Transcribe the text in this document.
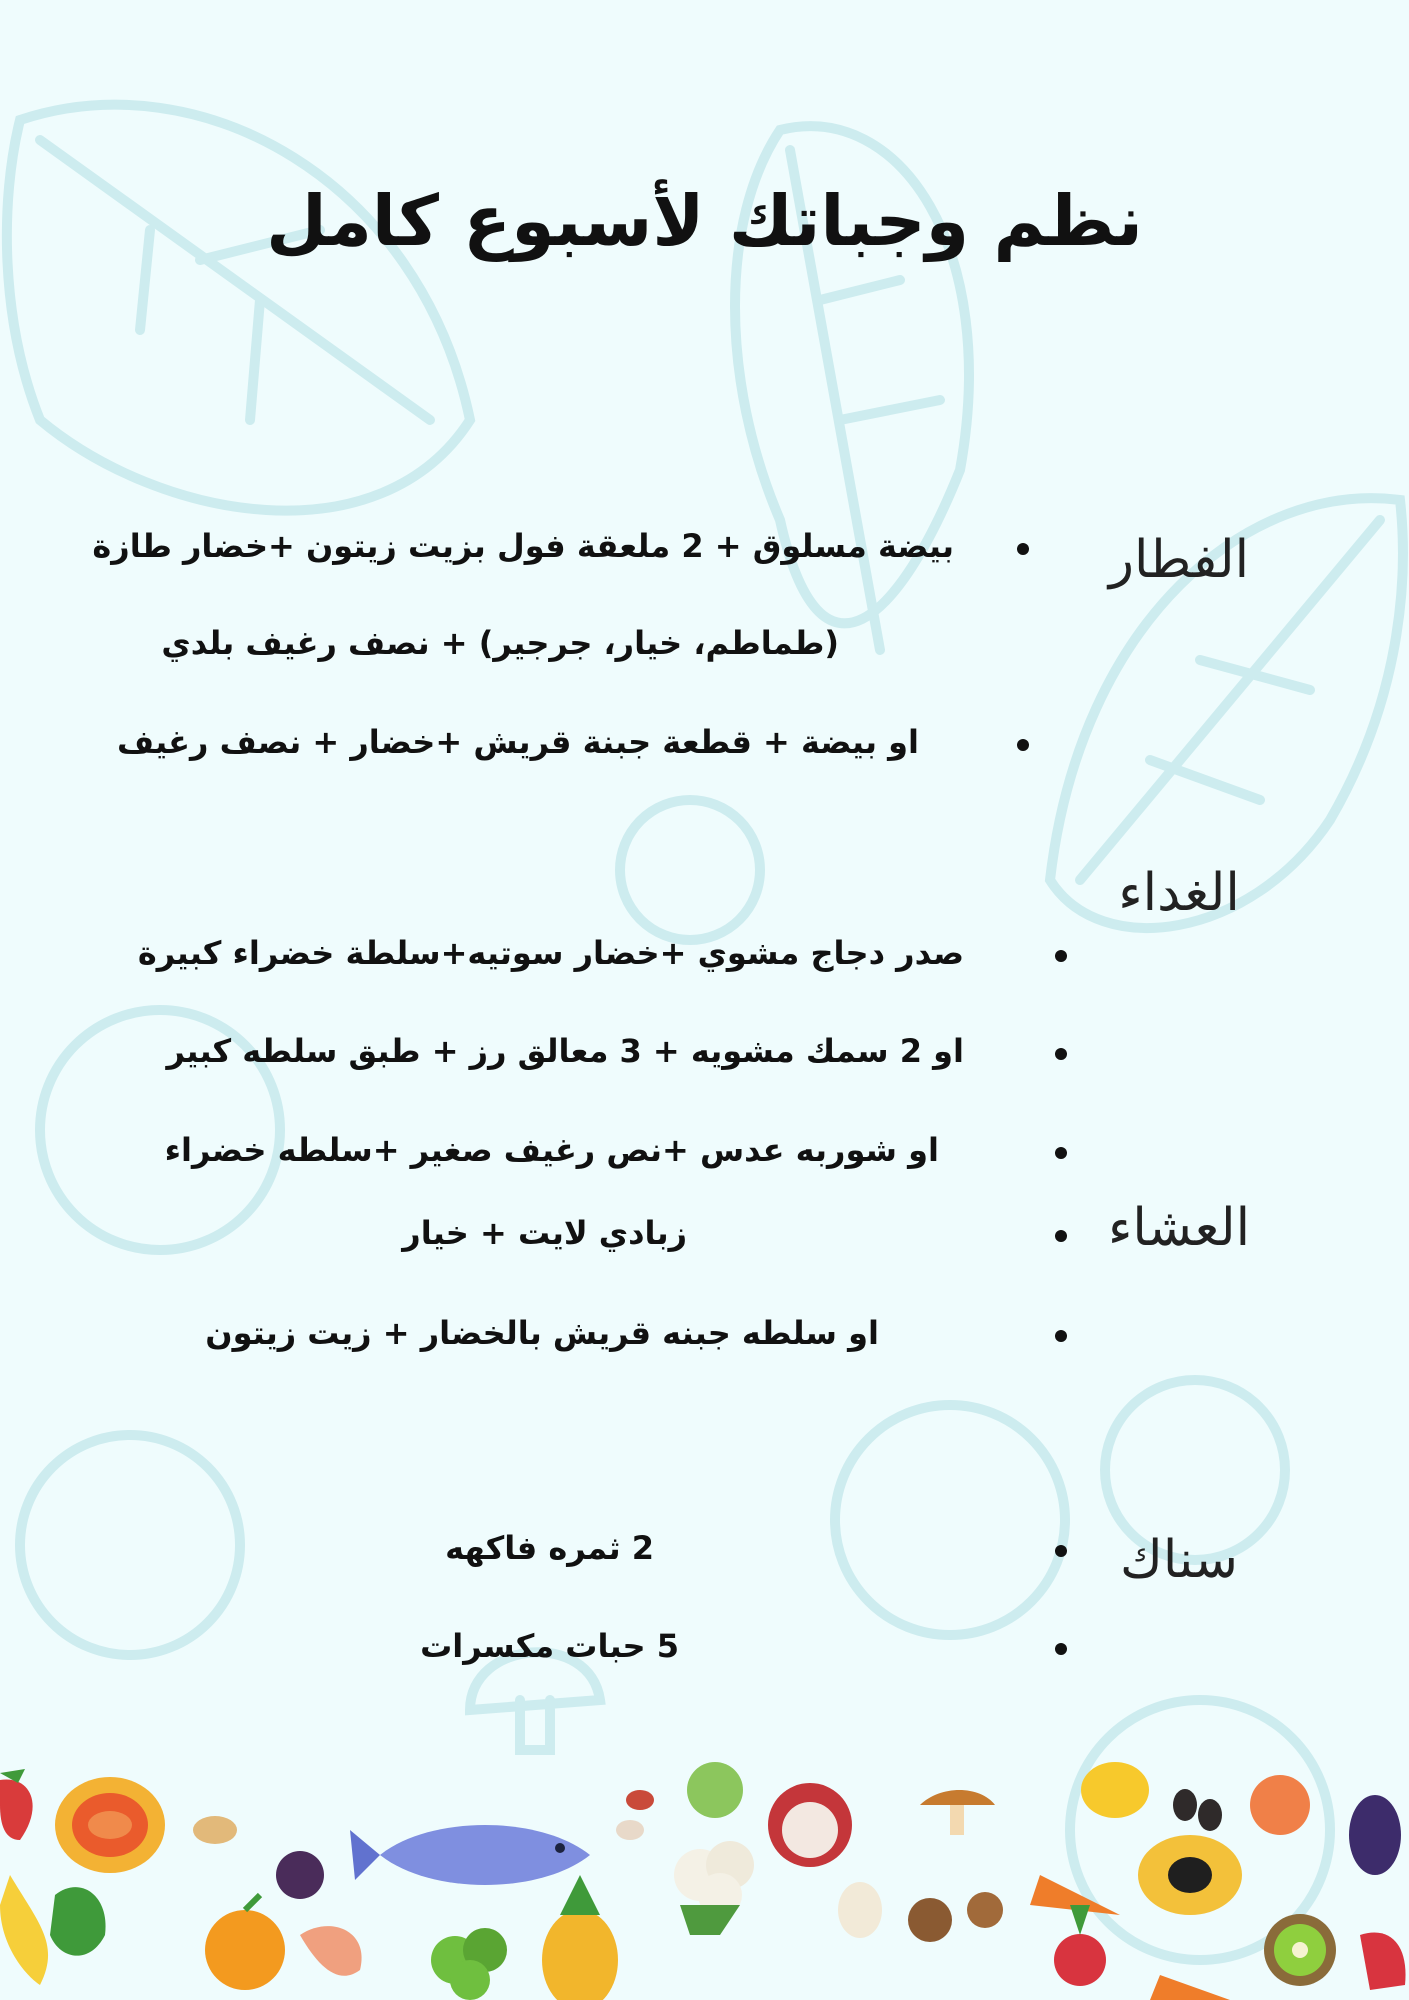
نظم وجباتك لأسبوع كامل
الفطار
بيضة مسلوق + 2 ملعقة فول بزيت زيتون +خضار طازة
(طماطم، خيار، جرجير) + نصف رغيف بلدي
او بيضة + قطعة جبنة قريش +خضار + نصف رغيف
الغداء
صدر دجاج مشوي +خضار سوتيه+سلطة خضراء كبيرة
او 2 سمك مشويه + 3 معالق رز + طبق سلطه كبير
او شوربه عدس +نص رغيف صغير +سلطه خضراء
العشاء
زبادي لايت + خيار
او سلطه جبنه قريش بالخضار + زيت زيتون
سناك
2 ثمره فاكهه
5 حبات مكسرات
